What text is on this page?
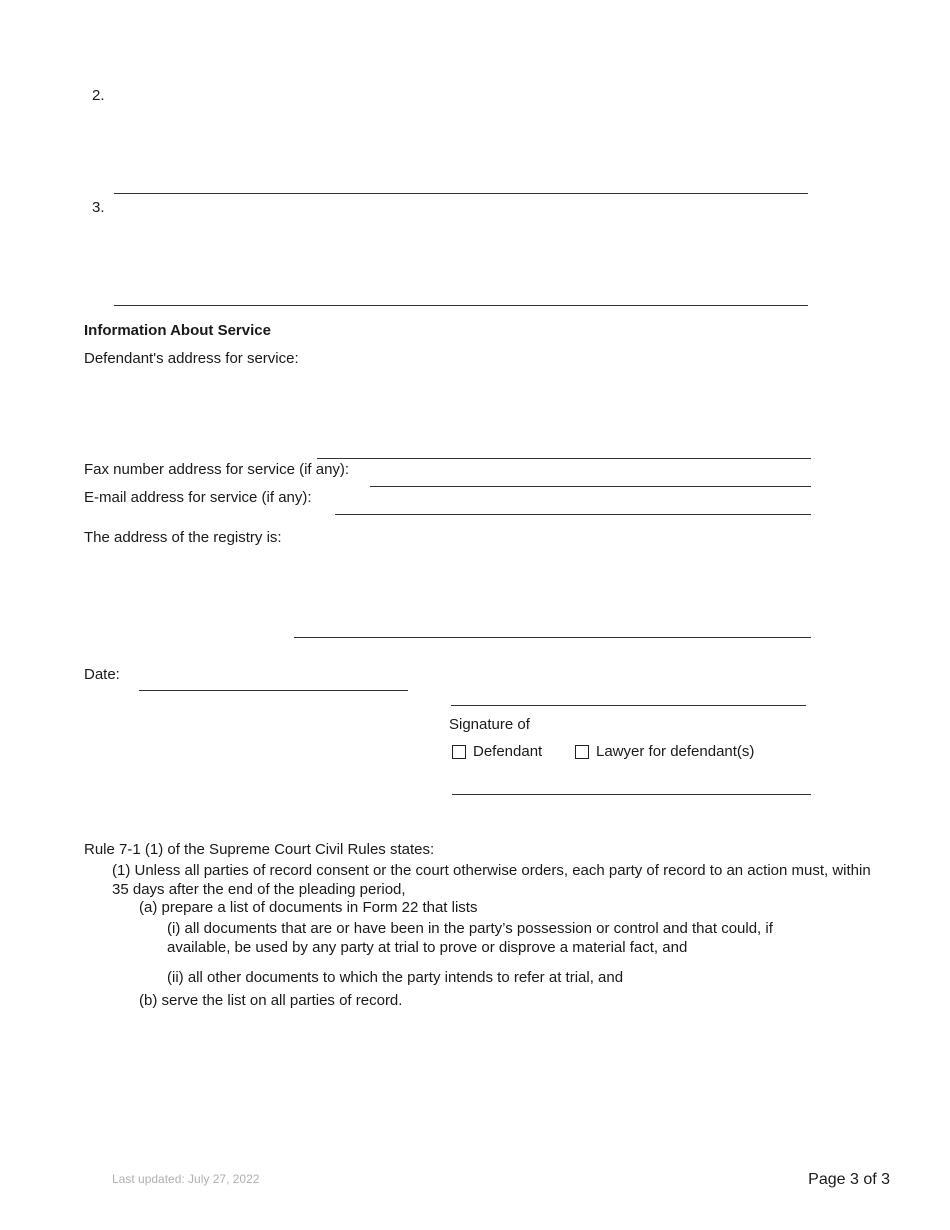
2.
3.
Information About Service
Defendant's address for service:
Fax number address for service (if any):
E-mail address for service (if any):
The address of the registry is:
Date:
Signature of
Defendant	Lawyer for defendant(s)
Rule 7-1 (1) of the Supreme Court Civil Rules states:
(1) Unless all parties of record consent or the court otherwise orders, each party of record to an action must, within 35 days after the end of the pleading period,
(a) prepare a list of documents in Form 22 that lists
(i) all documents that are or have been in the party’s possession or control and that could, if available, be used by any party at trial to prove or disprove a material fact, and
(ii) all other documents to which the party intends to refer at trial, and
(b) serve the list on all parties of record.
Last updated: July 27, 2022	Page 3 of 3
